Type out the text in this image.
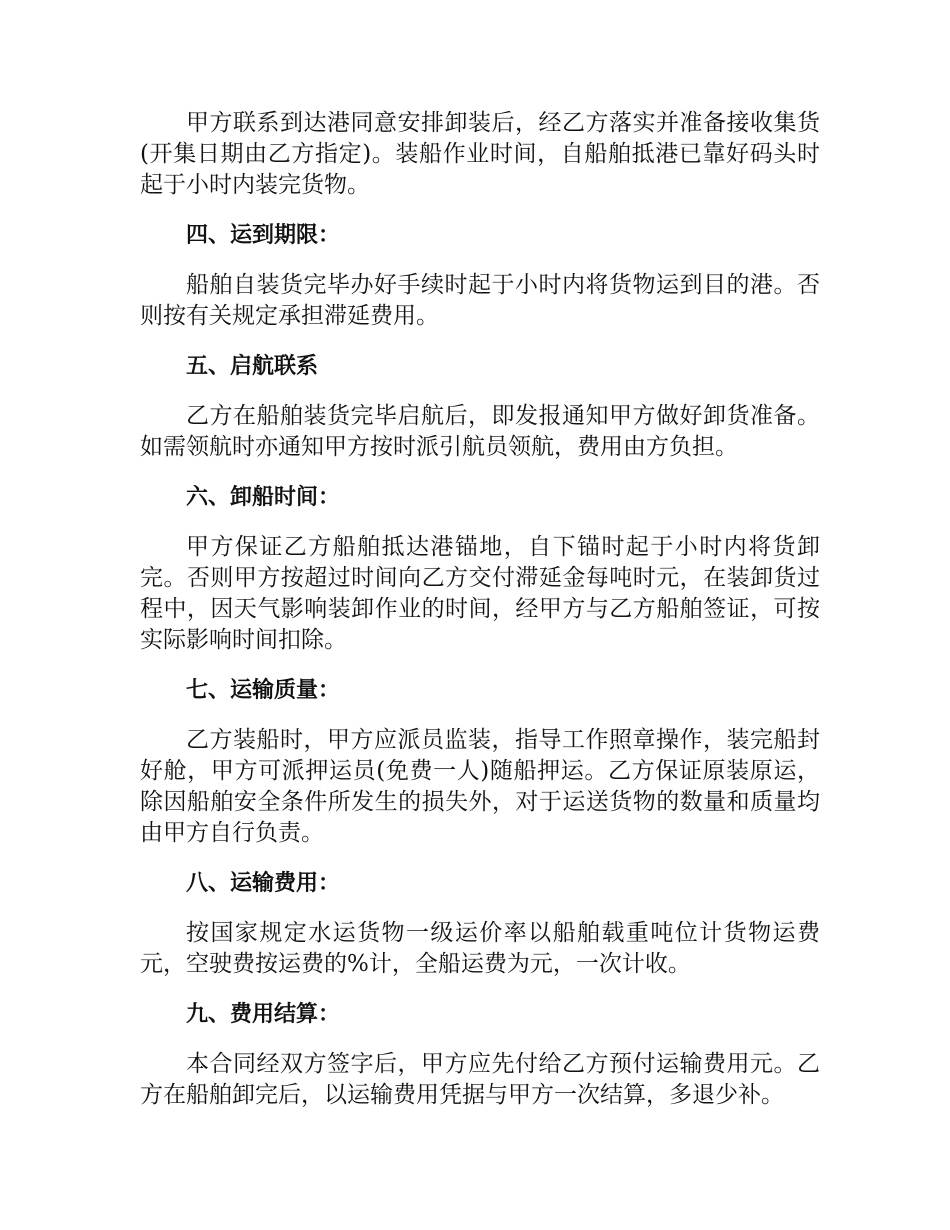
甲方联系到达港同意安排卸装后，经乙方落实并准备接收集货(开集日期由乙方指定)。装船作业时间，自船舶抵港已靠好码头时起于小时内装完货物。

四、运到期限：

船舶自装货完毕办好手续时起于小时内将货物运到目的港。否则按有关规定承担滞延费用。

五、启航联系

乙方在船舶装货完毕启航后，即发报通知甲方做好卸货准备。如需领航时亦通知甲方按时派引航员领航，费用由方负担。

六、卸船时间：

甲方保证乙方船舶抵达港锚地，自下锚时起于小时内将货卸完。否则甲方按超过时间向乙方交付滞延金每吨时元，在装卸货过程中，因天气影响装卸作业的时间，经甲方与乙方船舶签证，可按实际影响时间扣除。

七、运输质量：

乙方装船时，甲方应派员监装，指导工作照章操作，装完船封好舱，甲方可派押运员(免费一人)随船押运。乙方保证原装原运，除因船舶安全条件所发生的损失外，对于运送货物的数量和质量均由甲方自行负责。

八、运输费用：

按国家规定水运货物一级运价率以船舶载重吨位计货物运费元，空驶费按运费的%计，全船运费为元，一次计收。

九、费用结算：

本合同经双方签字后，甲方应先付给乙方预付运输费用元。乙方在船舶卸完后，以运输费用凭据与甲方一次结算，多退少补。
